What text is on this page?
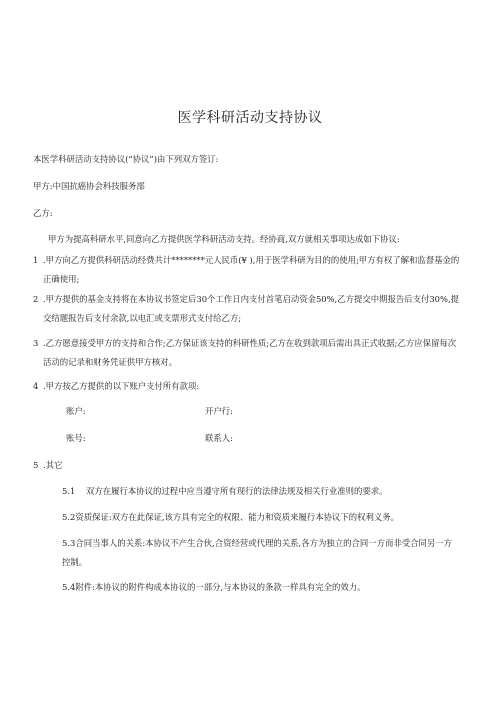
医学科研活动支持协议
本医学科研活动支持协议(“协议”)由下列双方签订:
甲方:中国抗癌协会科技服务部
乙方:
甲方为提高科研水平,同意向乙方提供医学科研活动支持。经协商,双方就相关事项达成如下协议:
1 .甲方向乙方提供科研活动经费共计********元人民币(¥ ),用于医学科研为目的的使用;甲方有权了解和监督基金的正确使用;
2 .甲方提供的基金支持将在本协议书签定后30个工作日内支付首笔启动资金50%,乙方提交中期报告后支付30%,提交结题报告后支付余款,以电汇或支票形式支付给乙方;
3 .乙方愿意接受甲方的支持和合作;乙方保证该支持的科研性质;乙方在收到款项后需出具正式收据;乙方应保留每次活动的记录和财务凭证供甲方核对。
4 .甲方按乙方提供的以下账户支付所有款项:
账户:	开户行:
账号:	联系人:
5 .其它
5.1 双方在履行本协议的过程中应当遵守所有现行的法律法规及相关行业准则的要求。
5.2资质保证:双方在此保证,该方具有完全的权限、能力和资质来履行本协议下的权利义务。
5.3合同当事人的关系:本协议不产生合伙,合资经营或代理的关系,各方为独立的合同一方而非受合同另一方控制。
5.4附件:本协议的附件构成本协议的一部分,与本协议的条款一样具有完全的效力。
